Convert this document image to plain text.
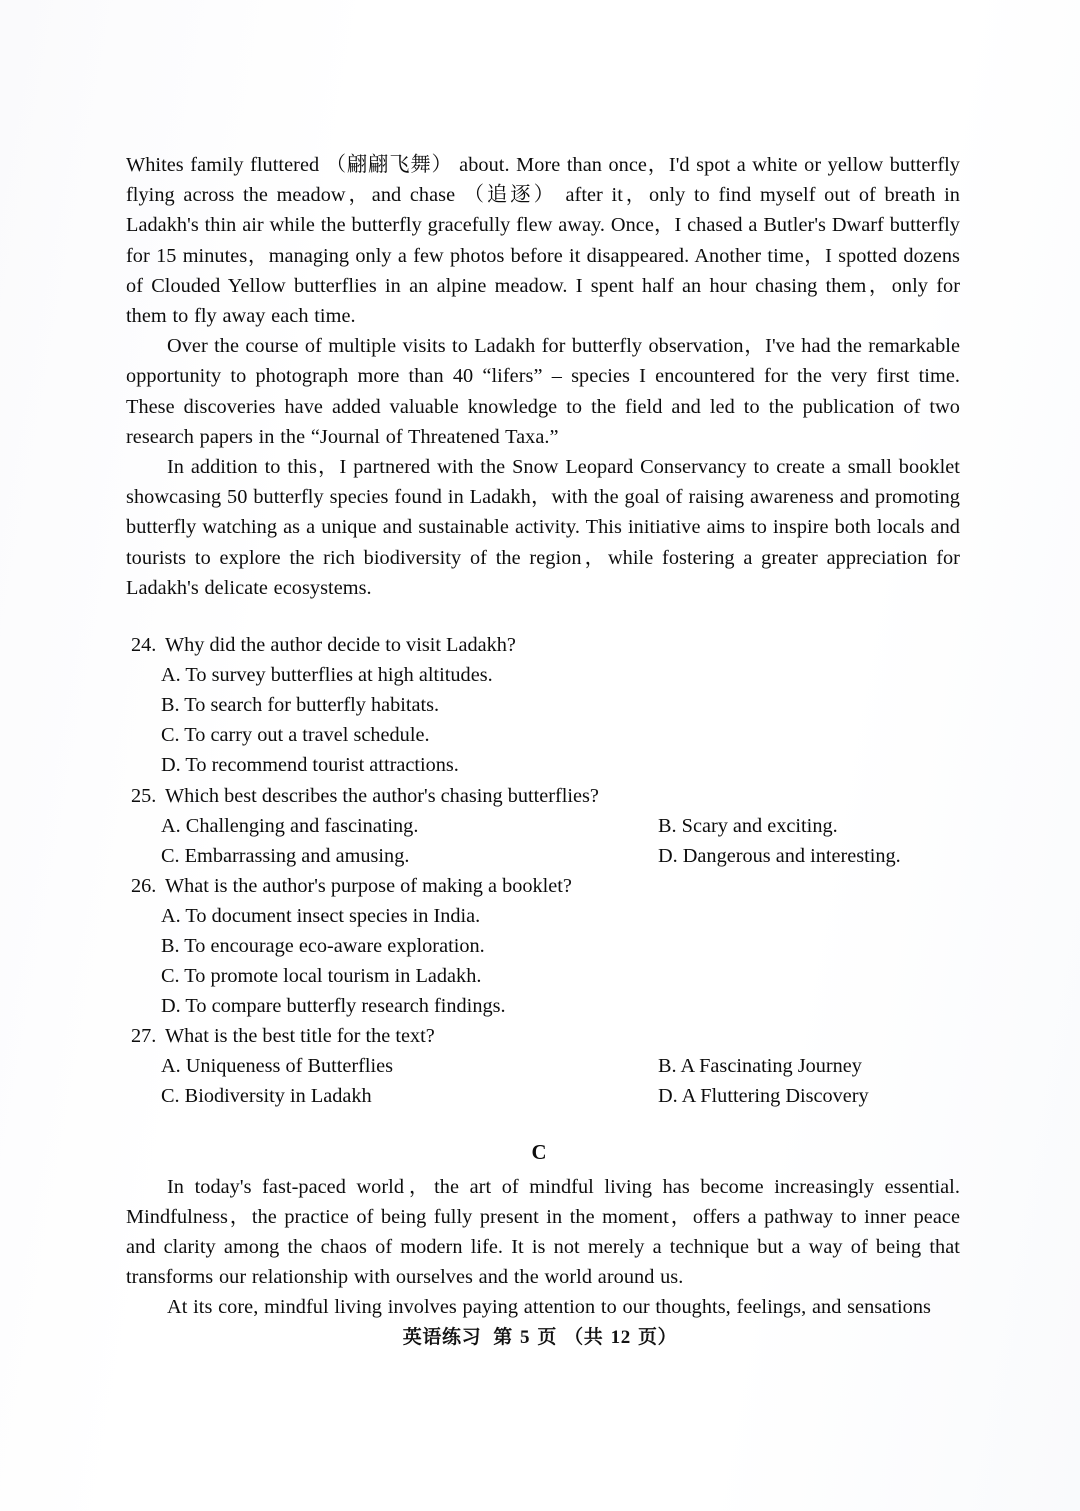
Whites family fluttered （翩翩飞舞） about. More than once，I'd spot a white or yellow butterfly flying across the meadow，and chase （追逐） after it，only to find myself out of breath in Ladakh's thin air while the butterfly gracefully flew away. Once，I chased a Butler's Dwarf butterfly for 15 minutes，managing only a few photos before it disappeared. Another time，I spotted dozens of Clouded Yellow butterflies in an alpine meadow. I spent half an hour chasing them，only for them to fly away each time.

Over the course of multiple visits to Ladakh for butterfly observation，I've had the remarkable opportunity to photograph more than 40 “lifers” – species I encountered for the very first time. These discoveries have added valuable knowledge to the field and led to the publication of two research papers in the “Journal of Threatened Taxa.”

In addition to this，I partnered with the Snow Leopard Conservancy to create a small booklet showcasing 50 butterfly species found in Ladakh，with the goal of raising awareness and promoting butterfly watching as a unique and sustainable activity. This initiative aims to inspire both locals and tourists to explore the rich biodiversity of the region，while fostering a greater appreciation for Ladakh's delicate ecosystems.

24. Why did the author decide to visit Ladakh?
A. To survey butterflies at high altitudes.
B. To search for butterfly habitats.
C. To carry out a travel schedule.
D. To recommend tourist attractions.
25. Which best describes the author's chasing butterflies?
A. Challenging and fascinating.	B. Scary and exciting.
C. Embarrassing and amusing.	D. Dangerous and interesting.
26. What is the author's purpose of making a booklet?
A. To document insect species in India.
B. To encourage eco-aware exploration.
C. To promote local tourism in Ladakh.
D. To compare butterfly research findings.
27. What is the best title for the text?
A. Uniqueness of Butterflies	B. A Fascinating Journey
C. Biodiversity in Ladakh	D. A Fluttering Discovery
C

In today's fast-paced world，the art of mindful living has become increasingly essential. Mindfulness，the practice of being fully present in the moment，offers a pathway to inner peace and clarity among the chaos of modern life. It is not merely a technique but a way of being that transforms our relationship with ourselves and the world around us.

At its core, mindful living involves paying attention to our thoughts, feelings, and sensations

英语练习 第 5 页 （共 12 页）
